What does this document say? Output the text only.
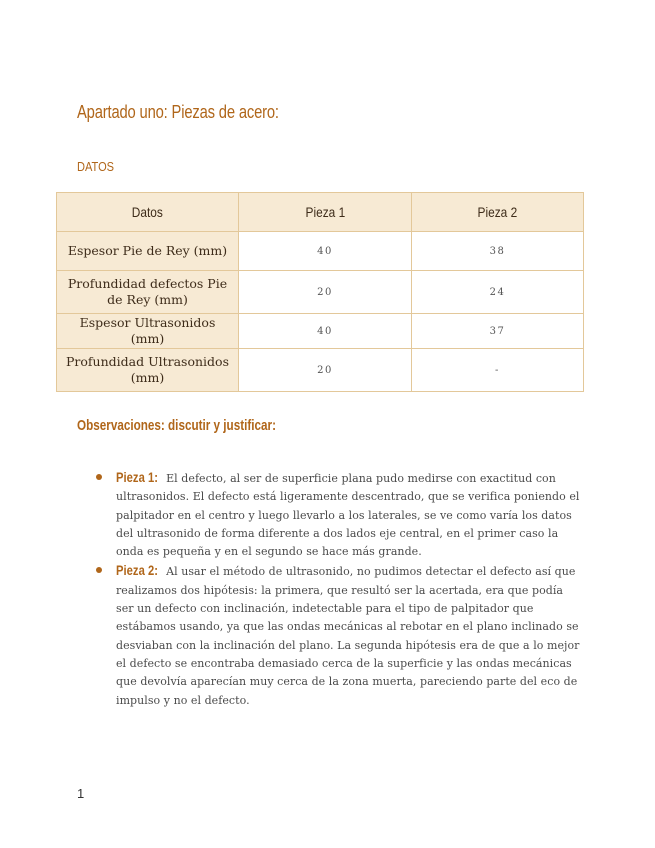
Apartado uno: Piezas de acero:
DATOS
Datos	Pieza 1	Pieza 2
Espesor Pie de Rey (mm)	40	38
Profundidad defectos Pie de Rey (mm)	20	24
Espesor Ultrasonidos (mm)	40	37
Profundidad Ultrasonidos (mm)	20	-
Observaciones: discutir y justificar:
Pieza 1: El defecto, al ser de superficie plana pudo medirse con exactitud con ultrasonidos. El defecto está ligeramente descentrado, que se verifica poniendo el palpitador en el centro y luego llevarlo a los laterales, se ve como varía los datos del ultrasonido de forma diferente a dos lados eje central, en el primer caso la onda es pequeña y en el segundo se hace más grande.
Pieza 2: Al usar el método de ultrasonido, no pudimos detectar el defecto así que realizamos dos hipótesis: la primera, que resultó ser la acertada, era que podía ser un defecto con inclinación, indetectable para el tipo de palpitador que estábamos usando, ya que las ondas mecánicas al rebotar en el plano inclinado se desviaban con la inclinación del plano. La segunda hipótesis era de que a lo mejor el defecto se encontraba demasiado cerca de la superficie y las ondas mecánicas que devolvía aparecían muy cerca de la zona muerta, pareciendo parte del eco de impulso y no el defecto.
1
